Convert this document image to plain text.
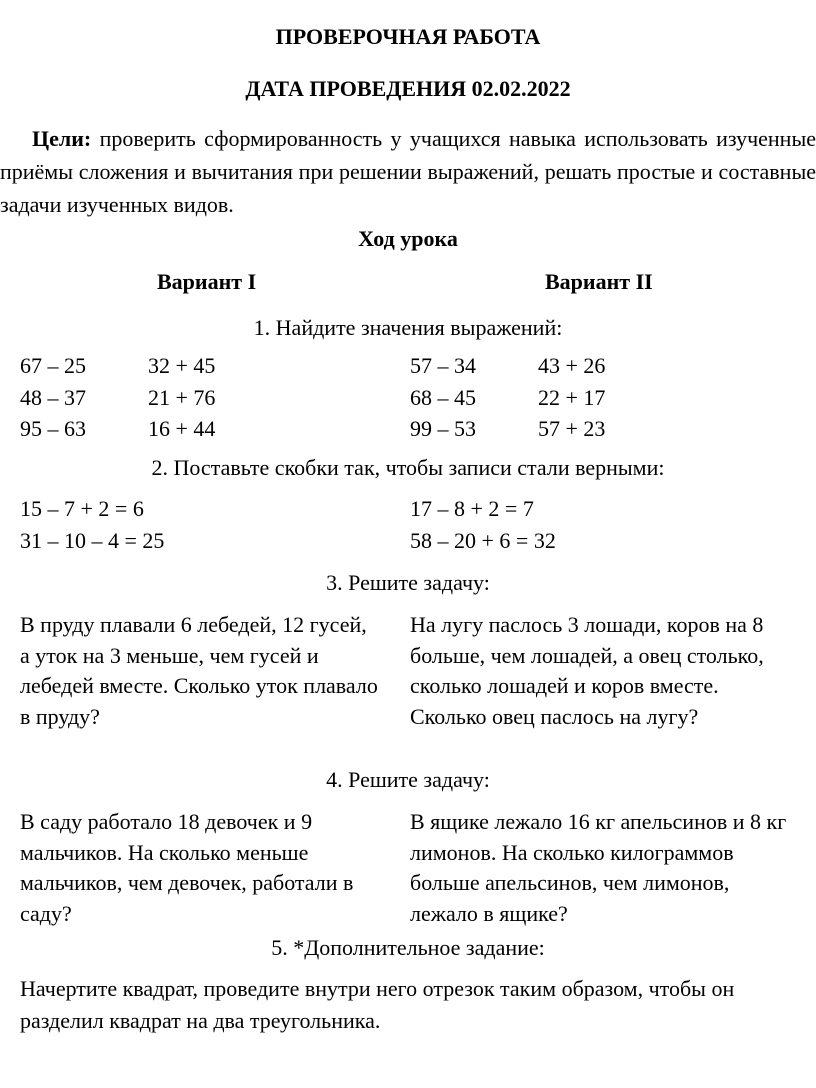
ПРОВЕРОЧНАЯ РАБОТА
ДАТА ПРОВЕДЕНИЯ 02.02.2022
Цели: проверить сформированность у учащихся навыка использовать изученные приёмы сложения и вычитания при решении выражений, решать простые и составные задачи изученных видов.
Ход урока
Вариант I	Вариант II
1. Найдите значения выражений:
67 – 25
48 – 37
95 – 63
32 + 45
21 + 76
16 + 44
57 – 34
68 – 45
99 – 53
43 + 26
22 + 17
57 + 23
2. Поставьте скобки так, чтобы записи стали верными:
15 – 7 + 2 = 6
31 – 10 – 4 = 25
17 – 8 + 2 = 7
58 – 20 + 6 = 32
3. Решите задачу:
В пруду плавали 6 лебедей, 12 гусей, а уток на 3 меньше, чем гусей и лебедей вместе. Сколько уток плавало в пруду?
На лугу паслось 3 лошади, коров на 8 больше, чем лошадей, а овец столько, сколько лошадей и коров вместе. Сколько овец паслось на лугу?
4. Решите задачу:
В саду работало 18 девочек и 9 мальчиков. На сколько меньше мальчиков, чем девочек, работали в саду?
В ящике лежало 16 кг апельсинов и 8 кг лимонов. На сколько килограммов больше апельсинов, чем лимонов, лежало в ящике?
5. *Дополнительное задание:
Начертите квадрат, проведите внутри него отрезок таким образом, чтобы он разделил квадрат на два треугольника.
